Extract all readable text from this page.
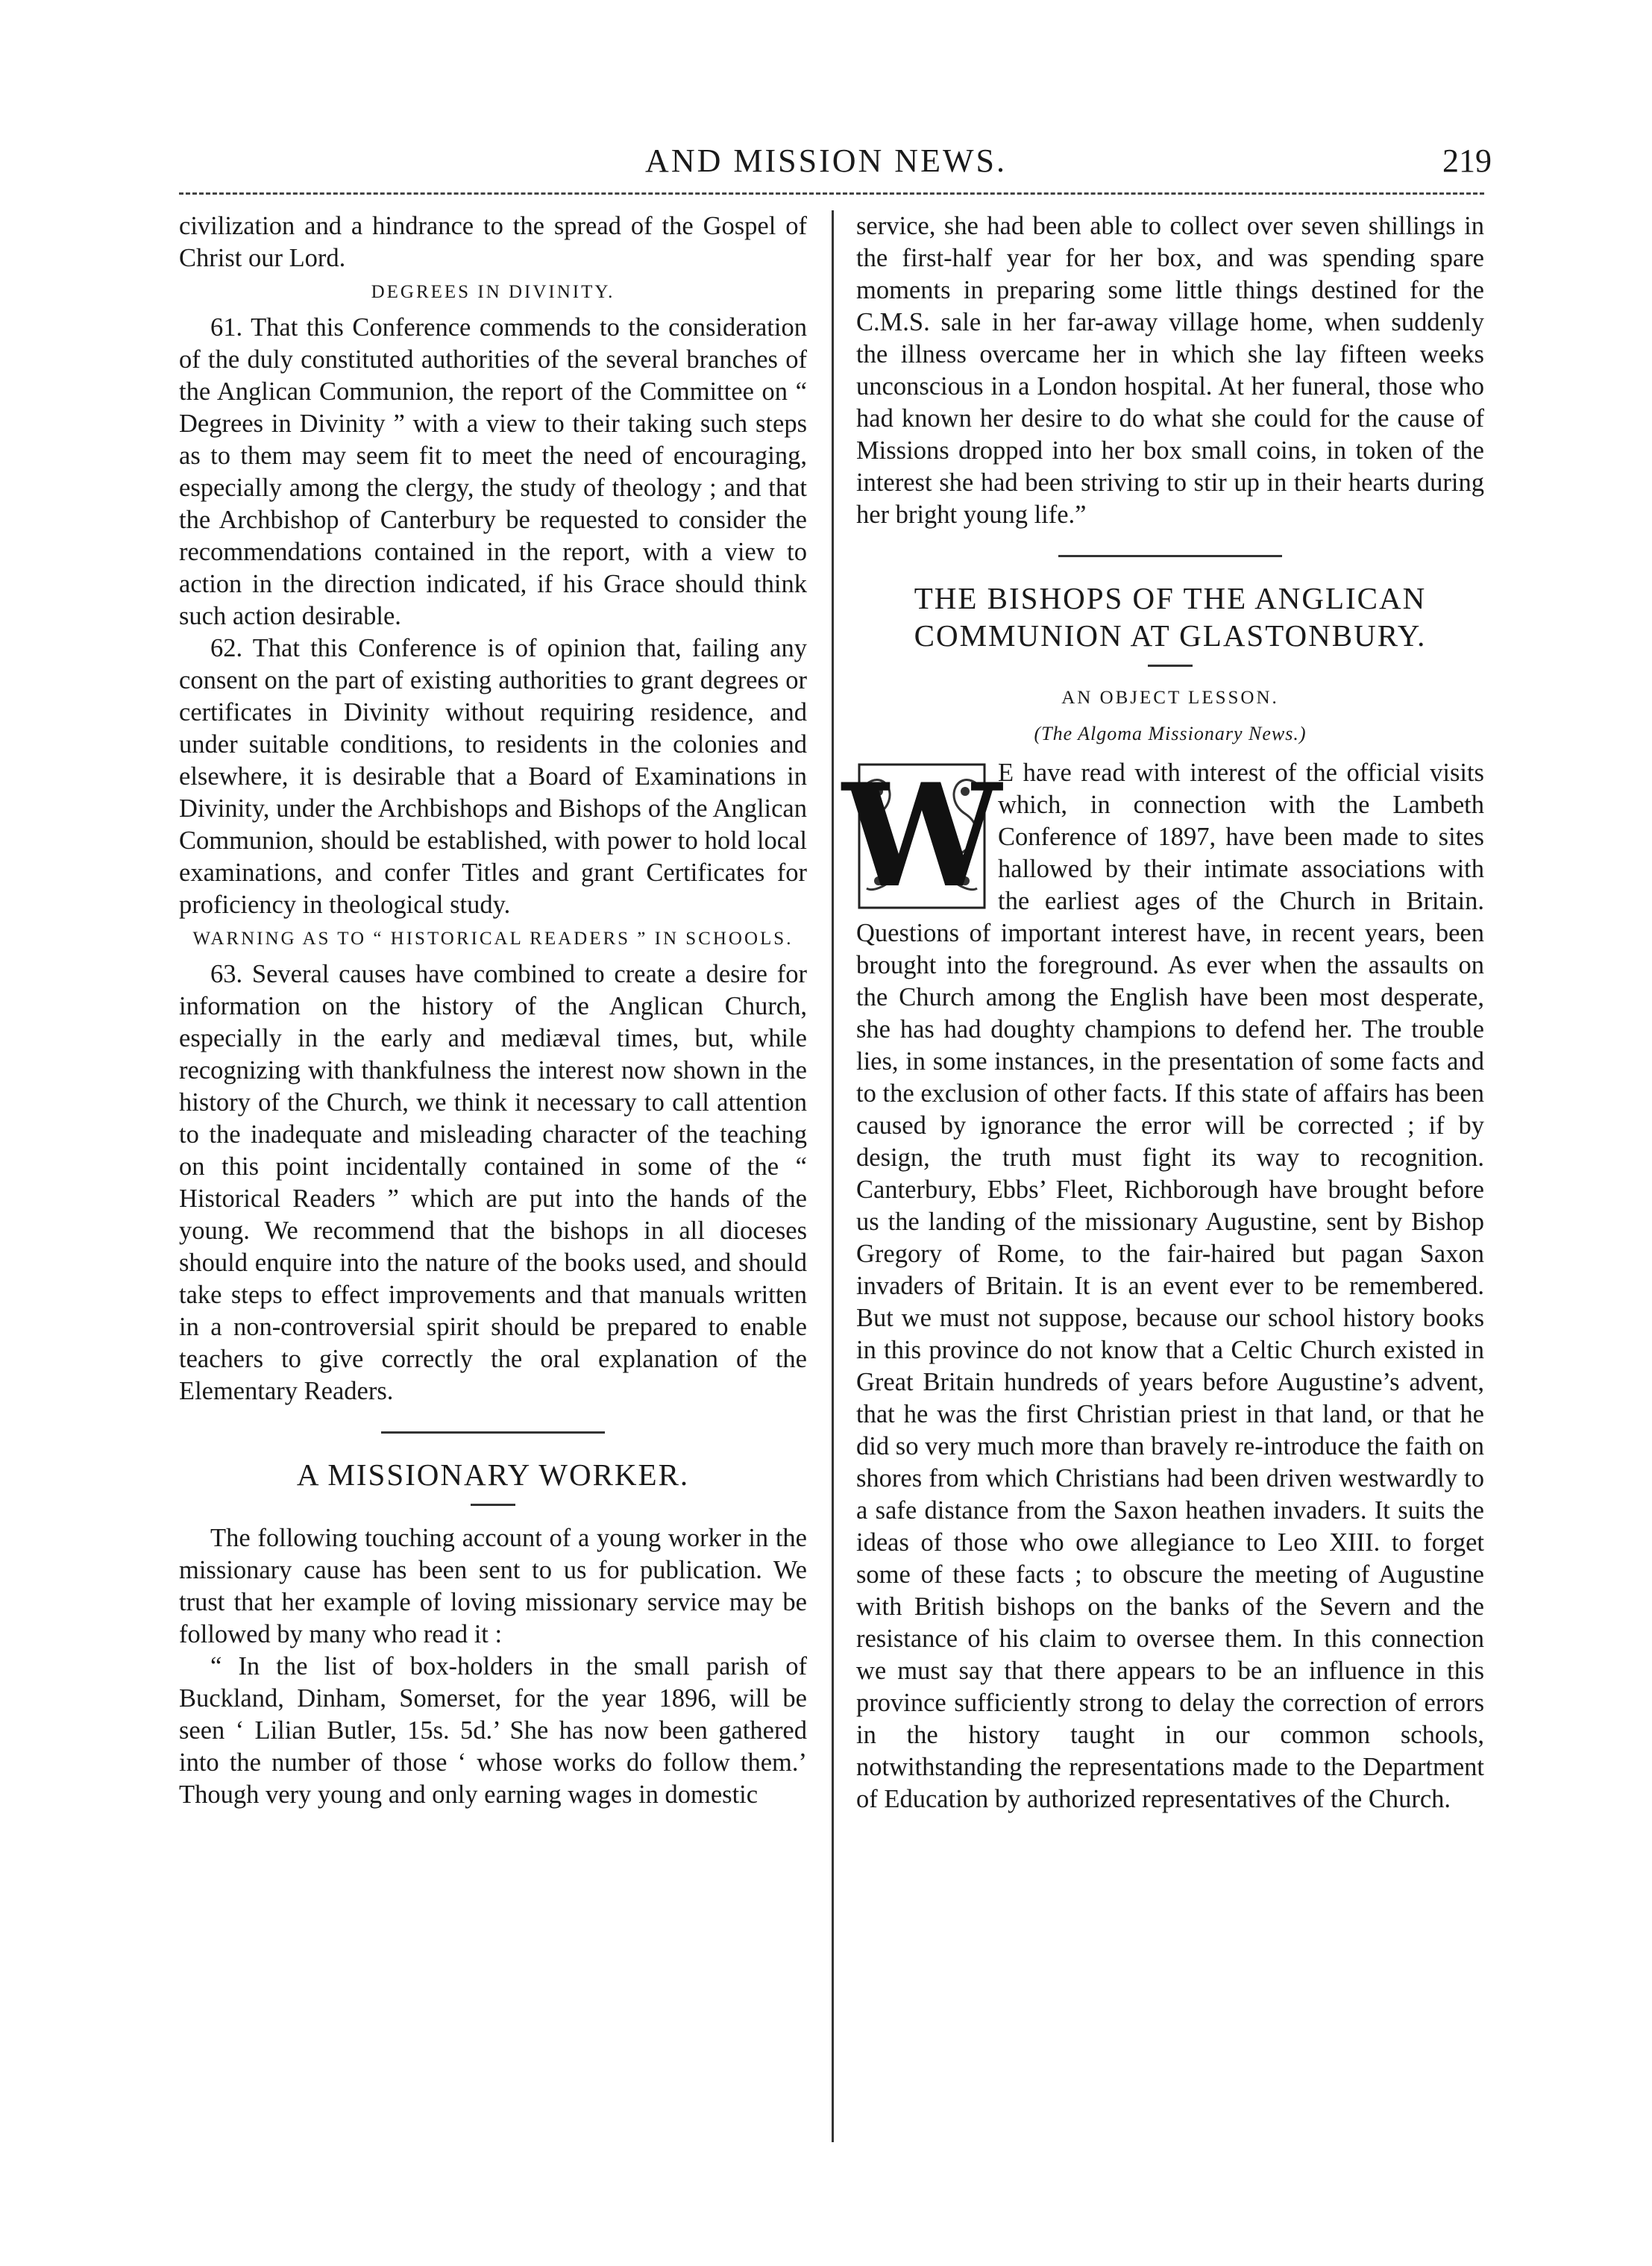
AND MISSION NEWS.	219

civilization and a hindrance to the spread of the Gospel of Christ our Lord.

DEGREES IN DIVINITY.

61. That this Conference commends to the consideration of the duly constituted authorities of the several branches of the Anglican Communion, the report of the Committee on “ Degrees in Divinity ” with a view to their taking such steps as to them may seem fit to meet the need of encouraging, especially among the clergy, the study of theology ; and that the Archbishop of Canterbury be requested to consider the recommendations contained in the report, with a view to action in the direction indicated, if his Grace should think such action desirable.

62. That this Conference is of opinion that, failing any consent on the part of existing authorities to grant degrees or certificates in Divinity without requiring residence, and under suitable conditions, to residents in the colonies and elsewhere, it is desirable that a Board of Examinations in Divinity, under the Archbishops and Bishops of the Anglican Communion, should be established, with power to hold local examinations, and confer Titles and grant Certificates for proficiency in theological study.

WARNING AS TO “ HISTORICAL READERS ” IN SCHOOLS.

63. Several causes have combined to create a desire for information on the history of the Anglican Church, especially in the early and mediæval times, but, while recognizing with thankfulness the interest now shown in the history of the Church, we think it necessary to call attention to the inadequate and misleading character of the teaching on this point incidentally contained in some of the “ Historical Readers ” which are put into the hands of the young. We recommend that the bishops in all dioceses should enquire into the nature of the books used, and should take steps to effect improvements and that manuals written in a non-controversial spirit should be prepared to enable teachers to give correctly the oral explanation of the Elementary Readers.

A MISSIONARY WORKER.

The following touching account of a young worker in the missionary cause has been sent to us for publication. We trust that her example of loving missionary service may be followed by many who read it :

“ In the list of box-holders in the small parish of Buckland, Dinham, Somerset, for the year 1896, will be seen ‘ Lilian Butler, 15s. 5d.’ She has now been gathered into the number of those ‘ whose works do follow them.’ Though very young and only earning wages in domestic

service, she had been able to collect over seven shillings in the first-half year for her box, and was spending spare moments in preparing some little things destined for the C.M.S. sale in her far-away village home, when suddenly the illness overcame her in which she lay fifteen weeks unconscious in a London hospital. At her funeral, those who had known her desire to do what she could for the cause of Missions dropped into her box small coins, in token of the interest she had been striving to stir up in their hearts during her bright young life.”

THE BISHOPS OF THE ANGLICAN COMMUNION AT GLASTONBURY.
AN OBJECT LESSON.
(The Algoma Missionary News.)
W

E have read with interest of the official visits which, in connection with the Lambeth Conference of 1897, have been made to sites hallowed by their intimate associations with the earliest ages of the Church in Britain. Questions of important interest have, in recent years, been brought into the foreground. As ever when the assaults on the Church among the English have been most desperate, she has had doughty champions to defend her. The trouble lies, in some instances, in the presentation of some facts and to the exclusion of other facts. If this state of affairs has been caused by ignorance the error will be corrected ; if by design, the truth must fight its way to recognition. Canterbury, Ebbs’ Fleet, Richborough have brought before us the landing of the missionary Augustine, sent by Bishop Gregory of Rome, to the fair-haired but pagan Saxon invaders of Britain. It is an event ever to be remembered. But we must not suppose, because our school history books in this province do not know that a Celtic Church existed in Great Britain hundreds of years before Augustine’s advent, that he was the first Christian priest in that land, or that he did so very much more than bravely re-introduce the faith on shores from which Christians had been driven westwardly to a safe distance from the Saxon heathen invaders. It suits the ideas of those who owe allegiance to Leo XIII. to forget some of these facts ; to obscure the meeting of Augustine with British bishops on the banks of the Severn and the resistance of his claim to oversee them. In this connection we must say that there appears to be an influence in this province sufficiently strong to delay the correction of errors in the history taught in our common schools, notwithstanding the representations made to the Department of Education by authorized representatives of the Church.
